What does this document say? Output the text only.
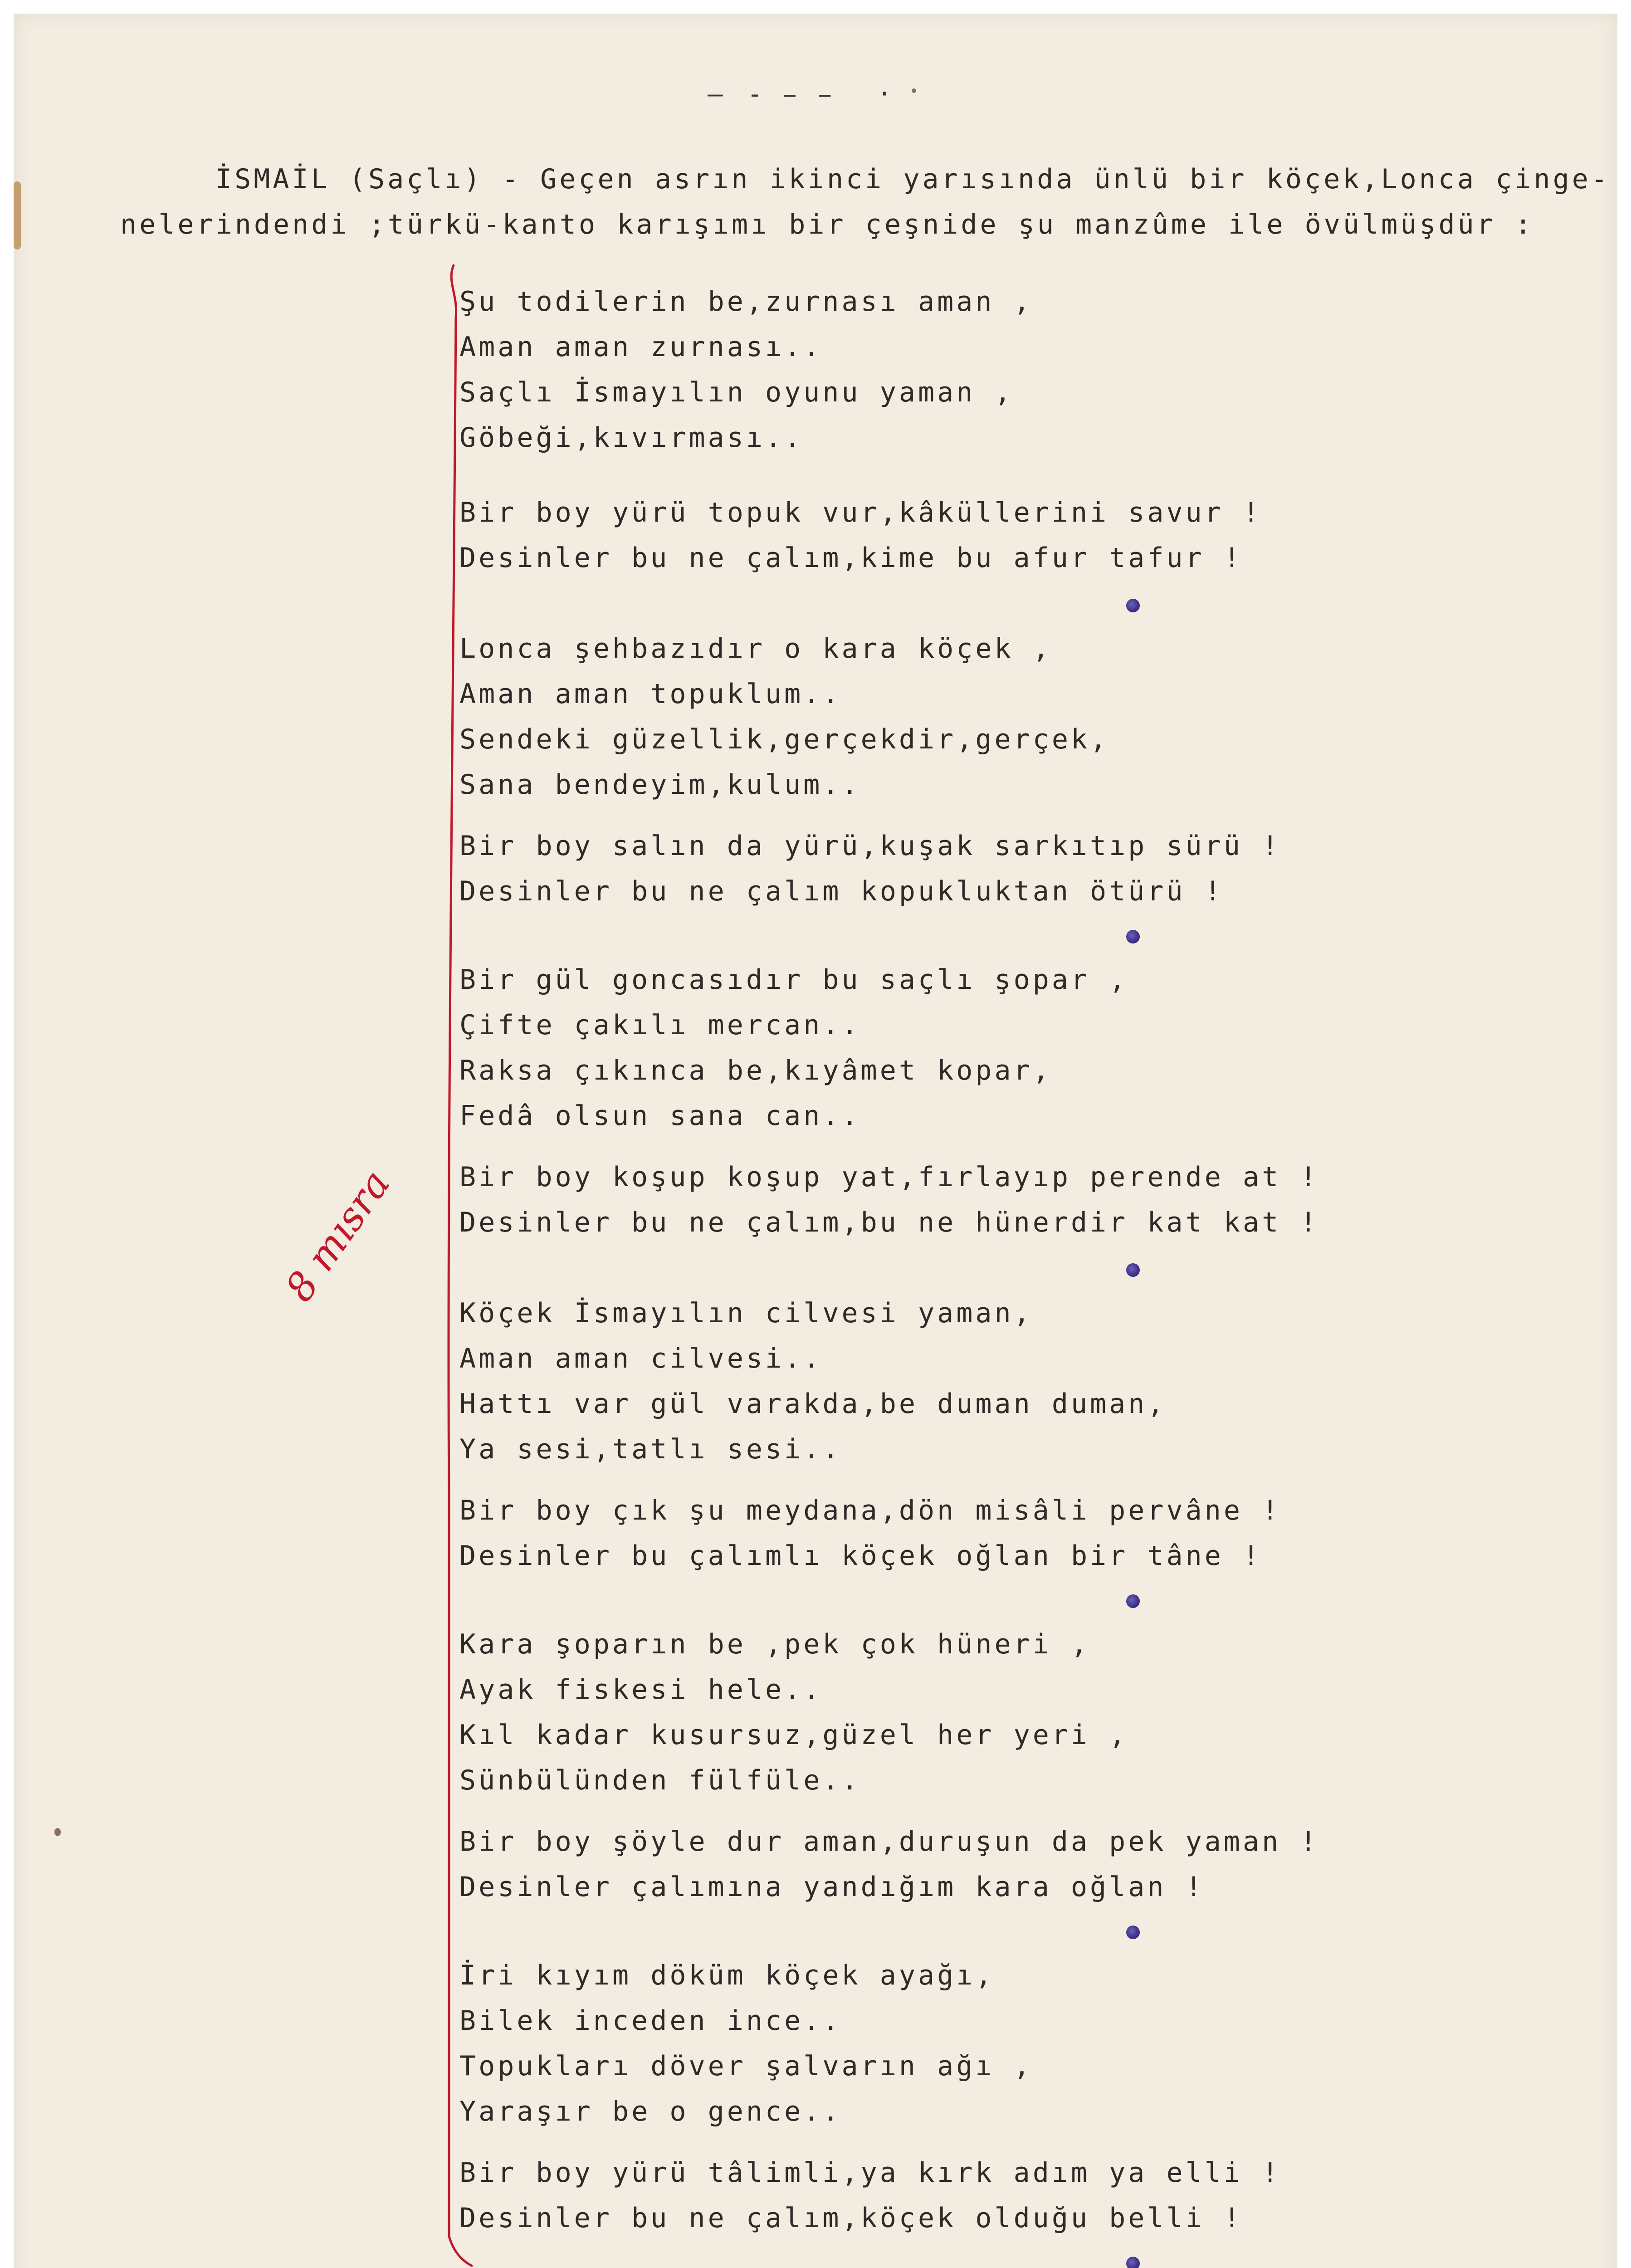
— - ̵ ̵  ·
İSMAİL (Saçlı) - Geçen asrın ikinci yarısında ünlü bir köçek,Lonca çinge-
nelerindendi ;türkü-kanto karışımı bir çeşnide şu manzûme ile övülmüşdür :
8 mısra
Şu todilerin be,zurnası aman ,
Aman aman zurnası..
Saçlı İsmayılın oyunu yaman ,
Göbeği,kıvırması..
Bir boy yürü topuk vur,kâküllerini savur !
Desinler bu ne çalım,kime bu afur tafur !
Lonca şehbazıdır o kara köçek ,
Aman aman topuklum..
Sendeki güzellik,gerçekdir,gerçek,
Sana bendeyim,kulum..
Bir boy salın da yürü,kuşak sarkıtıp sürü !
Desinler bu ne çalım kopukluktan ötürü !
Bir gül goncasıdır bu saçlı şopar ,
Çifte çakılı mercan..
Raksa çıkınca be,kıyâmet kopar,
Fedâ olsun sana can..
Bir boy koşup koşup yat,fırlayıp perende at !
Desinler bu ne çalım,bu ne hünerdir kat kat !
Köçek İsmayılın cilvesi yaman,
Aman aman cilvesi..
Hattı var gül varakda,be duman duman,
Ya sesi,tatlı sesi..
Bir boy çık şu meydana,dön misâli pervâne !
Desinler bu çalımlı köçek oğlan bir tâne !
Kara şoparın be ,pek çok hüneri ,
Ayak fiskesi hele..
Kıl kadar kusursuz,güzel her yeri ,
Sünbülünden fülfüle..
Bir boy şöyle dur aman,duruşun da pek yaman !
Desinler çalımına yandığım kara oğlan !
İri kıyım döküm köçek ayağı,
Bilek inceden ince..
Topukları döver şalvarın ağı ,
Yaraşır be o gence..
Bir boy yürü tâlimli,ya kırk adım ya elli !
Desinler bu ne çalım,köçek olduğu belli !
